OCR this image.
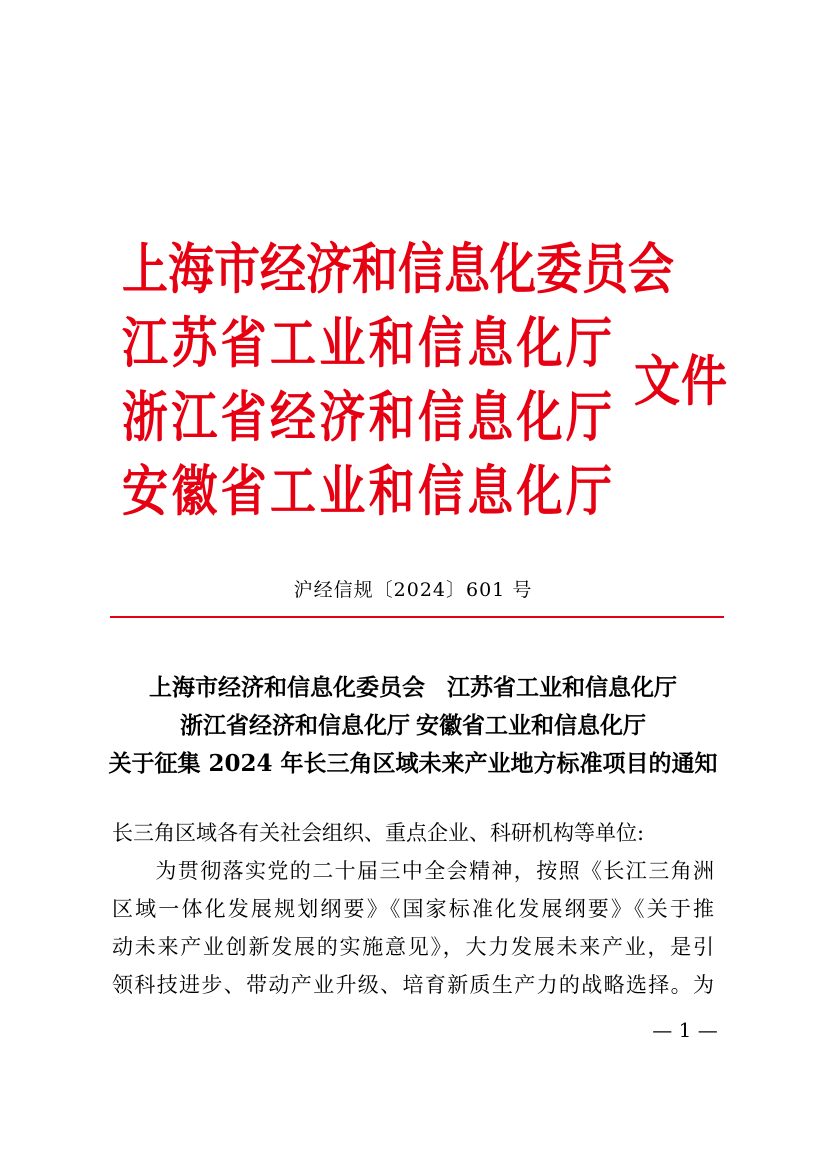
上 海 市 经 济 和 信 息 化 委 员 会
江 苏 省 工 业 和 信 息 化 厅
浙 江 省 经 济 和 信 息 化 厅
安 徽 省 工 业 和 信 息 化 厅
文件
沪经信规〔2024〕601 号
上海市经济和信息化委员会 江苏省工业和信息化厅
浙江省经济和信息化厅 安徽省工业和信息化厅
关于征集 2024 年长三角区域未来产业地方标准项目的通知
长三角区域各有关社会组织、重点企业、科研机构等单位:
为贯彻落实党的二十届三中全会精神，按照《长江三角洲
区域一体化发展规划纲要》《国家标准化发展纲要》《关于推
动未来产业创新发展的实施意见》，大力发展未来产业，是引
领科技进步、带动产业升级、培育新质生产力的战略选择。为
— 1 —
